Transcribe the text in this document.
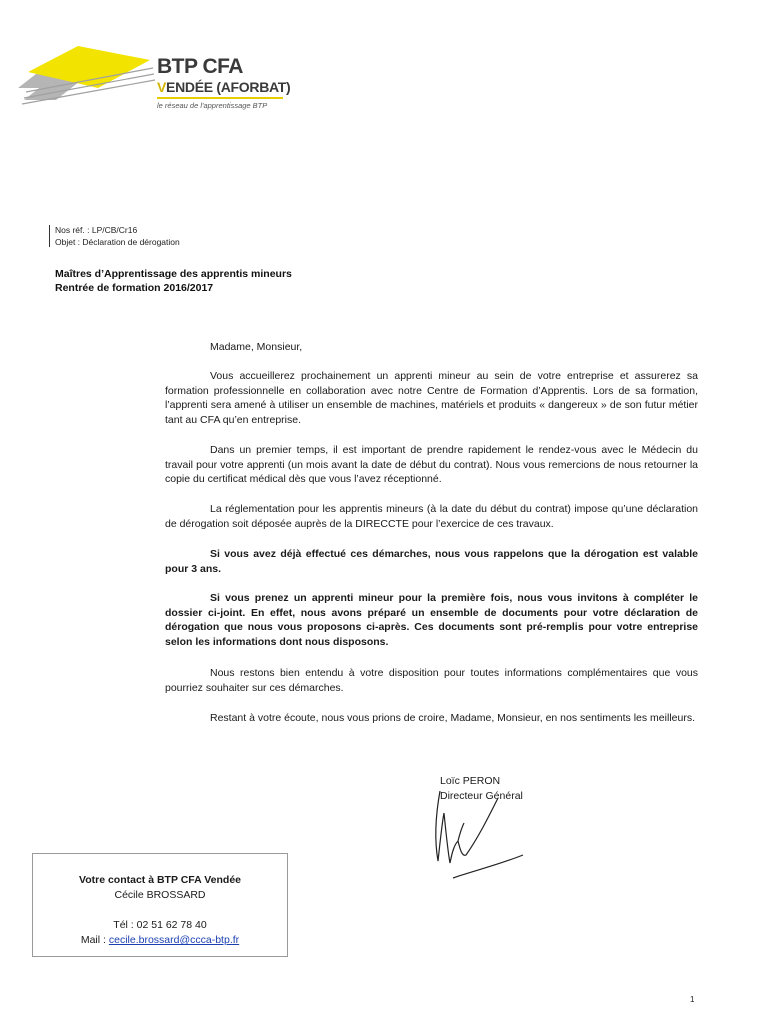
BTP CFA
VENDÉE (AFORBAT)
le réseau de l'apprentissage BTP
Nos réf. : LP/CB/Cr16
Objet : Déclaration de dérogation
Maîtres d’Apprentissage des apprentis mineurs
Rentrée de formation 2016/2017
Madame, Monsieur,
Vous accueillerez prochainement un apprenti mineur au sein de votre entreprise et assurerez sa formation professionnelle en collaboration avec notre Centre de Formation d’Apprentis. Lors de sa formation, l’apprenti sera amené à utiliser un ensemble de machines, matériels et produits « dangereux » de son futur métier tant au CFA qu’en entreprise.
Dans un premier temps, il est important de prendre rapidement le rendez-vous avec le Médecin du travail pour votre apprenti (un mois avant la date de début du contrat). Nous vous remercions de nous retourner la copie du certificat médical dès que vous l’avez réceptionné.
La réglementation pour les apprentis mineurs (à la date du début du contrat) impose qu’une déclaration de dérogation soit déposée auprès de la DIRECCTE pour l’exercice de ces travaux.
Si vous avez déjà effectué ces démarches, nous vous rappelons que la dérogation est valable pour 3 ans.
Si vous prenez un apprenti mineur pour la première fois, nous vous invitons à compléter le dossier ci-joint. En effet, nous avons préparé un ensemble de documents pour votre déclaration de dérogation que nous vous proposons ci-après. Ces documents sont pré-remplis pour votre entreprise selon les informations dont nous disposons.
Nous restons bien entendu à votre disposition pour toutes informations complémentaires que vous pourriez souhaiter sur ces démarches.
Restant à votre écoute, nous vous prions de croire, Madame, Monsieur, en nos sentiments les meilleurs.
Loïc PERON
Directeur Général
Votre contact à BTP CFA Vendée
Cécile BROSSARD
Tél : 02 51 62 78 40
Mail : cecile.brossard@ccca-btp.fr
1
